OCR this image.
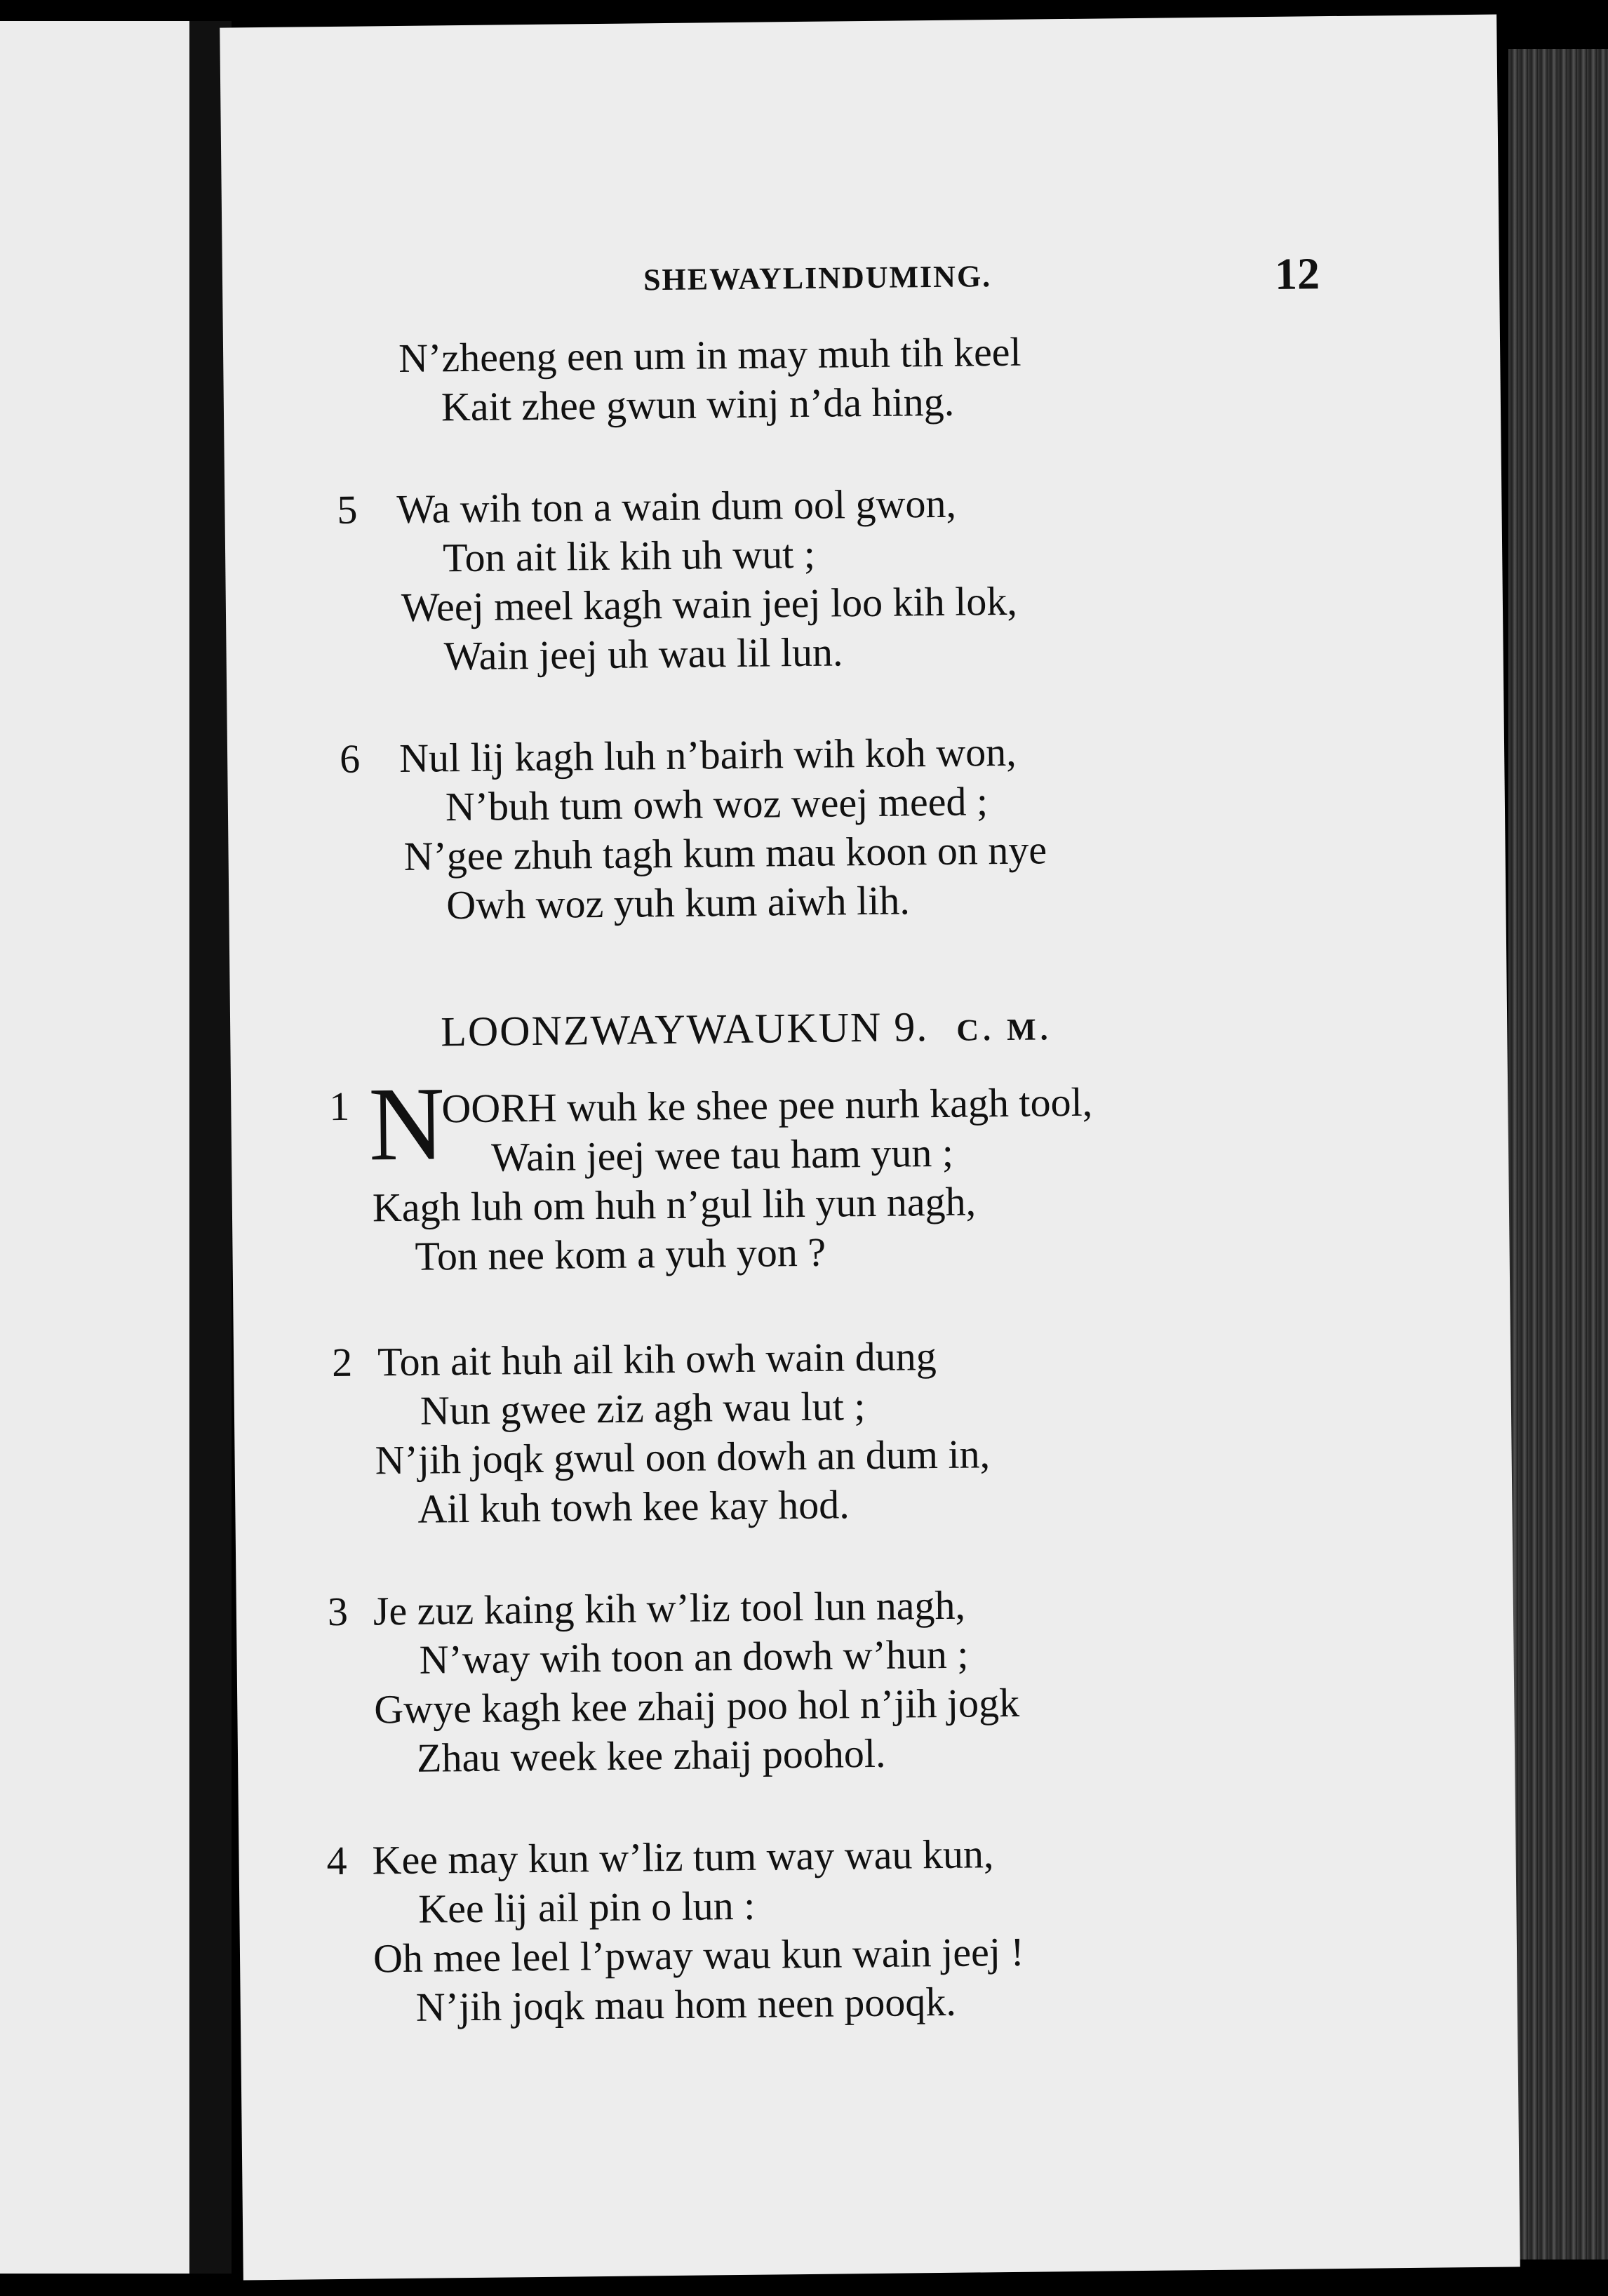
SHEWAYLINDUMING.	12
N’zheeng een um in may muh tih keel
Kait zhee gwun winj n’da hing.
5 Wa wih ton a wain dum ool gwon,
Ton ait lik kih uh wut ;
Weej meel kagh wain jeej loo kih lok,
Wain jeej uh wau lil lun.
6 Nul lij kagh luh n’bairh wih koh won,
N’buh tum owh woz weej meed ;
N’gee zhuh tagh kum mau koon on nye
Owh woz yuh kum aiwh lih.
LOONZWAYWAUKUN 9. C. M.
1 N
OORH wuh ke shee pee nurh kagh tool,
Wain jeej wee tau ham yun ;
Kagh luh om huh n’gul lih yun nagh,
Ton nee kom a yuh yon ?
2 Ton ait huh ail kih owh wain dung
Nun gwee ziz agh wau lut ;
N’jih joqk gwul oon dowh an dum in,
Ail kuh towh kee kay hod.
3 Je zuz kaing kih w’liz tool lun nagh,
N’way wih toon an dowh w’hun ;
Gwye kagh kee zhaij poo hol n’jih jogk
Zhau week kee zhaij poohol.
4 Kee may kun w’liz tum way wau kun,
Kee lij ail pin o lun :
Oh mee leel l’pway wau kun wain jeej !
N’jih joqk mau hom neen pooqk.
